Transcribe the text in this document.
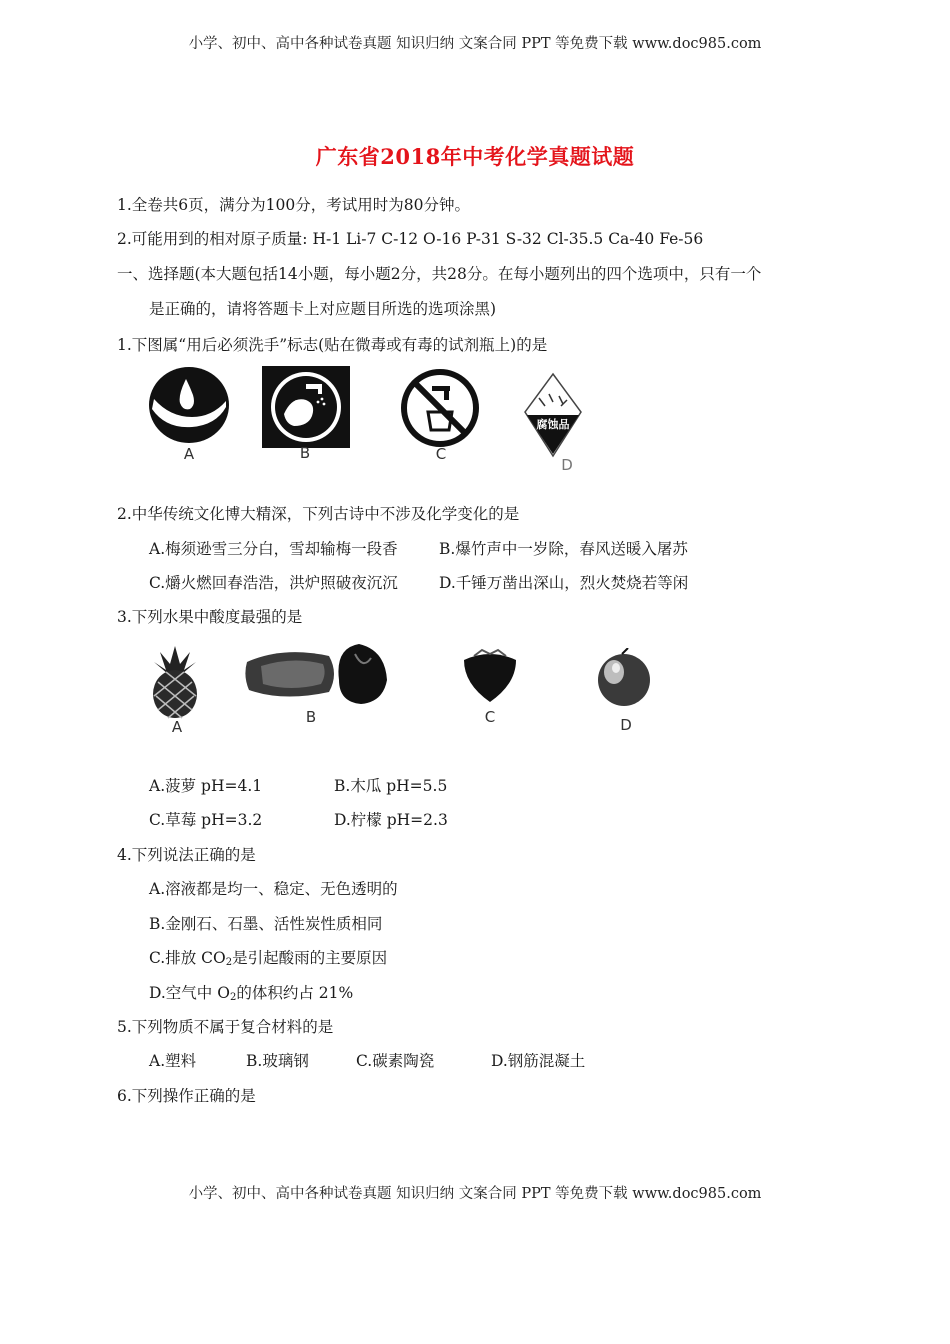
小学、初中、高中各种试卷真题 知识归纳 文案合同 PPT 等免费下载 www.doc985.com
广东省2018年中考化学真题试题
1.全卷共6页，满分为100分，考试用时为80分钟。
2.可能用到的相对原子质量: H-1 Li-7 C-12 O-16 P-31 S-32 Cl-35.5 Ca-40 Fe-56
一、选择题(本大题包括14小题，每小题2分，共28分。在每小题列出的四个选项中，只有一个
是正确的，请将答题卡上对应题目所选的选项涂黑)
1.下图属“用后必须洗手”标志(贴在微毒或有毒的试剂瓶上)的是
A	B	C
腐蚀品
D
2.中华传统文化博大精深，下列古诗中不涉及化学变化的是
A.梅须逊雪三分白，雪却输梅一段香	B.爆竹声中一岁除，春风送暖入屠苏
C.爝火燃回春浩浩，洪炉照破夜沉沉	D.千锤万凿出深山，烈火焚烧若等闲
3.下列水果中酸度最强的是
A
B	C	D
A.菠萝 pH=4.1	B.木瓜 pH=5.5
C.草莓 pH=3.2	D.柠檬 pH=2.3
4.下列说法正确的是
A.溶液都是均一、稳定、无色透明的
B.金刚石、石墨、活性炭性质相同
C.排放 $CO_2$是引起酸雨的主要原因
D.空气中 $O_2$的体积约占 21%
5.下列物质不属于复合材料的是
A.塑料	B.玻璃钢	C.碳素陶瓷	D.钢筋混凝土
6.下列操作正确的是
小学、初中、高中各种试卷真题 知识归纳 文案合同 PPT 等免费下载 www.doc985.com
